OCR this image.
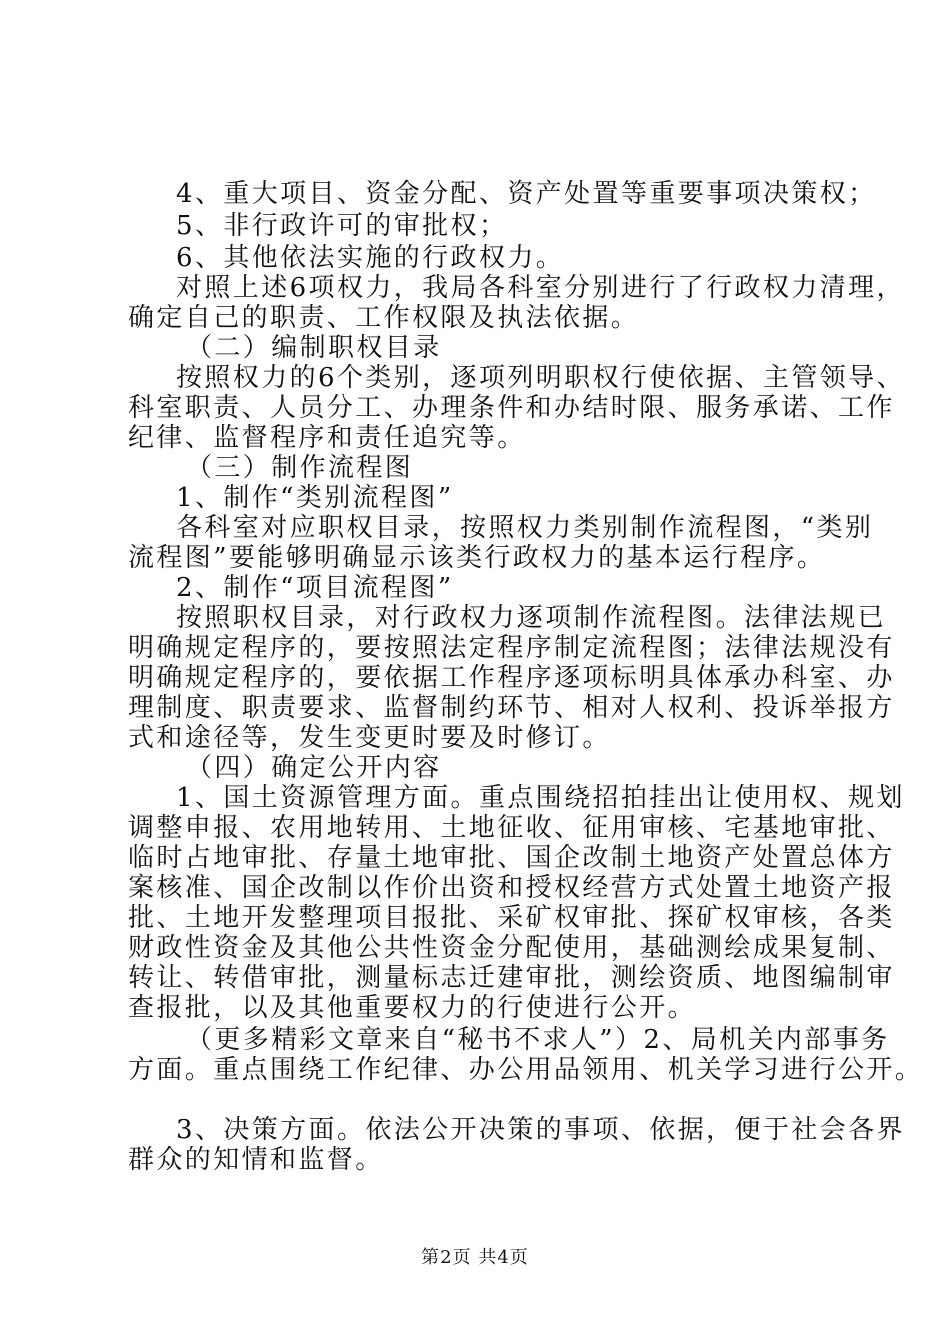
4、重大项目、资金分配、资产处置等重要事项决策权；
5、非行政许可的审批权；
6、其他依法实施的行政权力。
对照上述6项权力，我局各科室分别进行了行政权力清理，
确定自己的职责、工作权限及执法依据。
（二）编制职权目录
按照权力的6个类别，逐项列明职权行使依据、主管领导、
科室职责、人员分工、办理条件和办结时限、服务承诺、工作
纪律、监督程序和责任追究等。
（三）制作流程图
1、制作“类别流程图”
各科室对应职权目录，按照权力类别制作流程图，“类别
流程图”要能够明确显示该类行政权力的基本运行程序。
2、制作“项目流程图”
按照职权目录，对行政权力逐项制作流程图。法律法规已
明确规定程序的，要按照法定程序制定流程图；法律法规没有
明确规定程序的，要依据工作程序逐项标明具体承办科室、办
理制度、职责要求、监督制约环节、相对人权利、投诉举报方
式和途径等，发生变更时要及时修订。
（四）确定公开内容
1、国土资源管理方面。重点围绕招拍挂出让使用权、规划
调整申报、农用地转用、土地征收、征用审核、宅基地审批、
临时占地审批、存量土地审批、国企改制土地资产处置总体方
案核准、国企改制以作价出资和授权经营方式处置土地资产报
批、土地开发整理项目报批、采矿权审批、探矿权审核，各类
财政性资金及其他公共性资金分配使用，基础测绘成果复制、
转让、转借审批，测量标志迁建审批，测绘资质、地图编制审
查报批，以及其他重要权力的行使进行公开。
（更多精彩文章来自“秘书不求人”）2、局机关内部事务
方面。重点围绕工作纪律、办公用品领用、机关学习进行公开。
3、决策方面。依法公开决策的事项、依据，便于社会各界
群众的知情和监督。
第2页 共4页
